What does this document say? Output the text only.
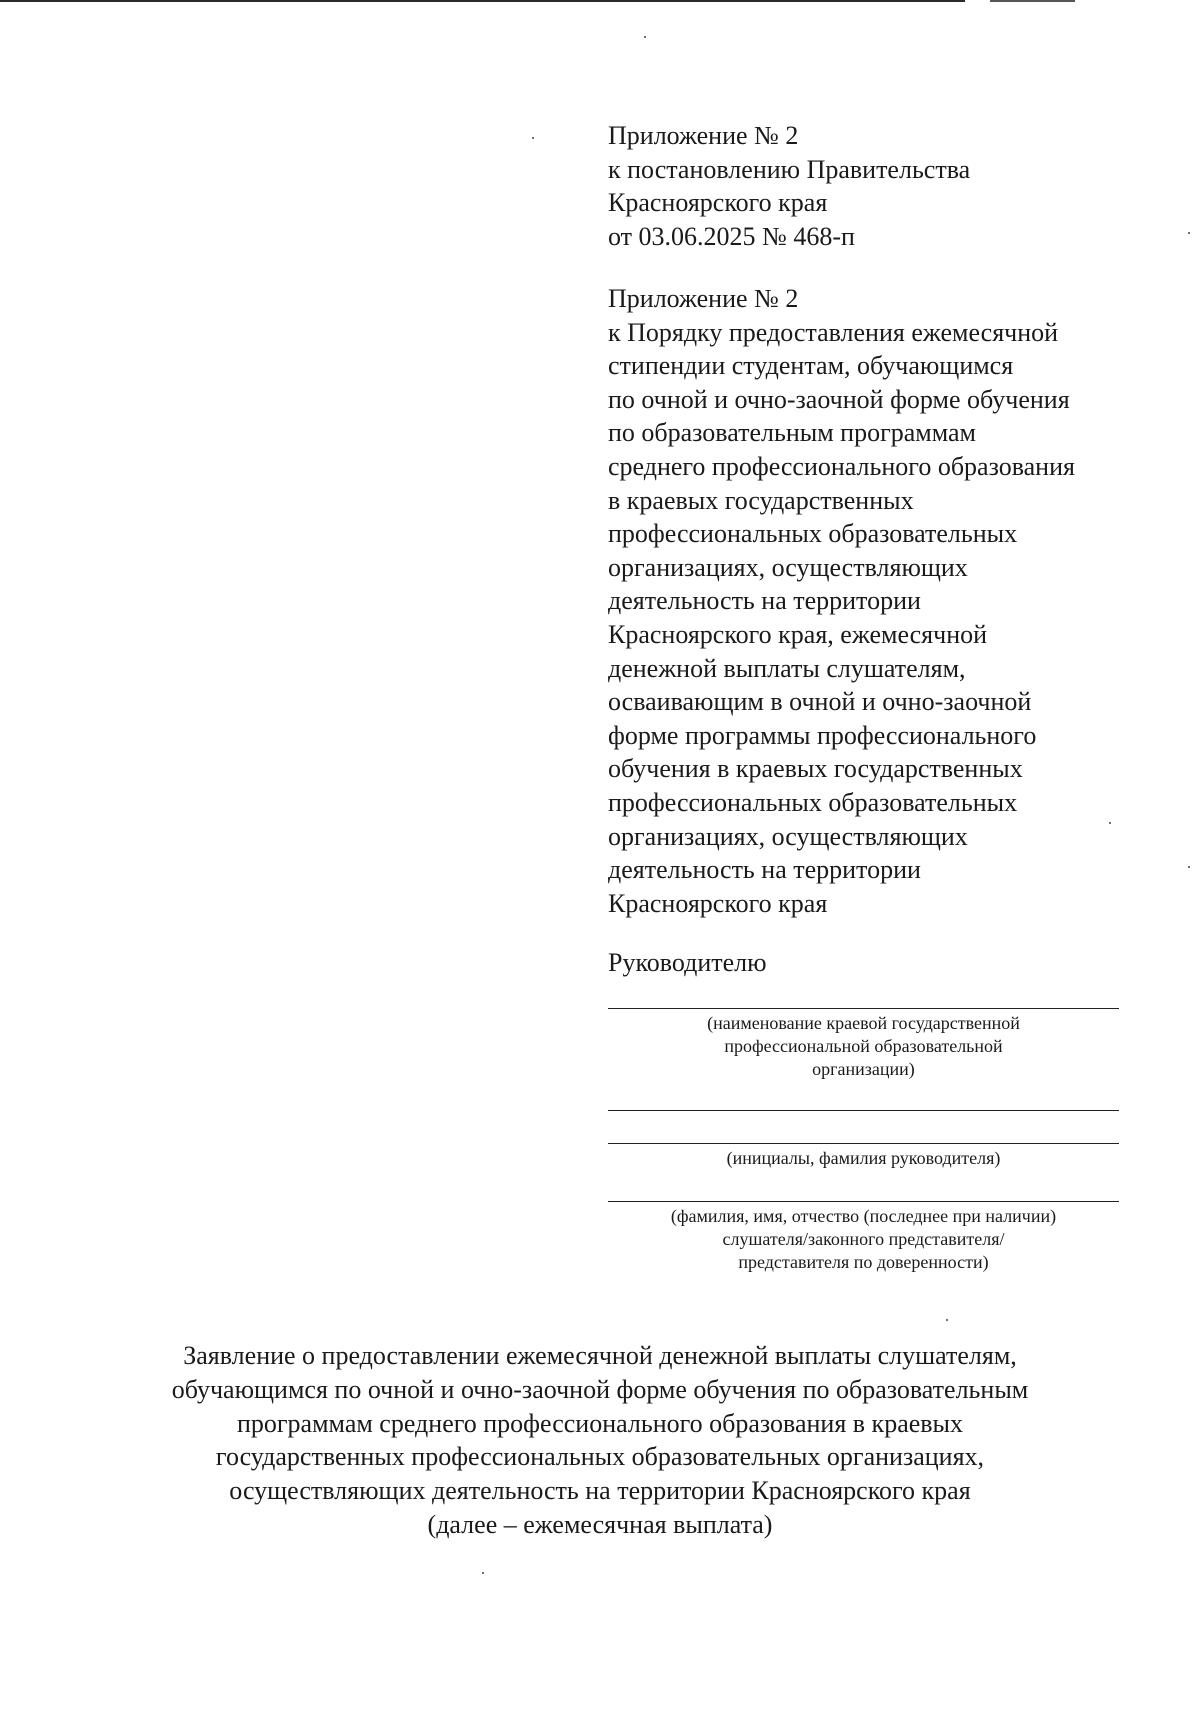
Приложение № 2
к постановлению Правительства
Красноярского края
от 03.06.2025 № 468-п
Приложение № 2
к Порядку предоставления ежемесячной
стипендии студентам, обучающимся
по очной и очно-заочной форме обучения
по образовательным программам
среднего профессионального образования
в краевых государственных
профессиональных образовательных
организациях, осуществляющих
деятельность на территории
Красноярского края, ежемесячной
денежной выплаты слушателям,
осваивающим в очной и очно-заочной
форме программы профессионального
обучения в краевых государственных
профессиональных образовательных
организациях, осуществляющих
деятельность на территории
Красноярского края
Руководителю
(наименование краевой государственной
профессиональной образовательной
организации)
(инициалы, фамилия руководителя)
(фамилия, имя, отчество (последнее при наличии)
слушателя/законного представителя/
представителя по доверенности)
Заявление о предоставлении ежемесячной денежной выплаты слушателям,
обучающимся по очной и очно-заочной форме обучения по образовательным
программам среднего профессионального образования в краевых
государственных профессиональных образовательных организациях,
осуществляющих деятельность на территории Красноярского края
(далее – ежемесячная выплата)
